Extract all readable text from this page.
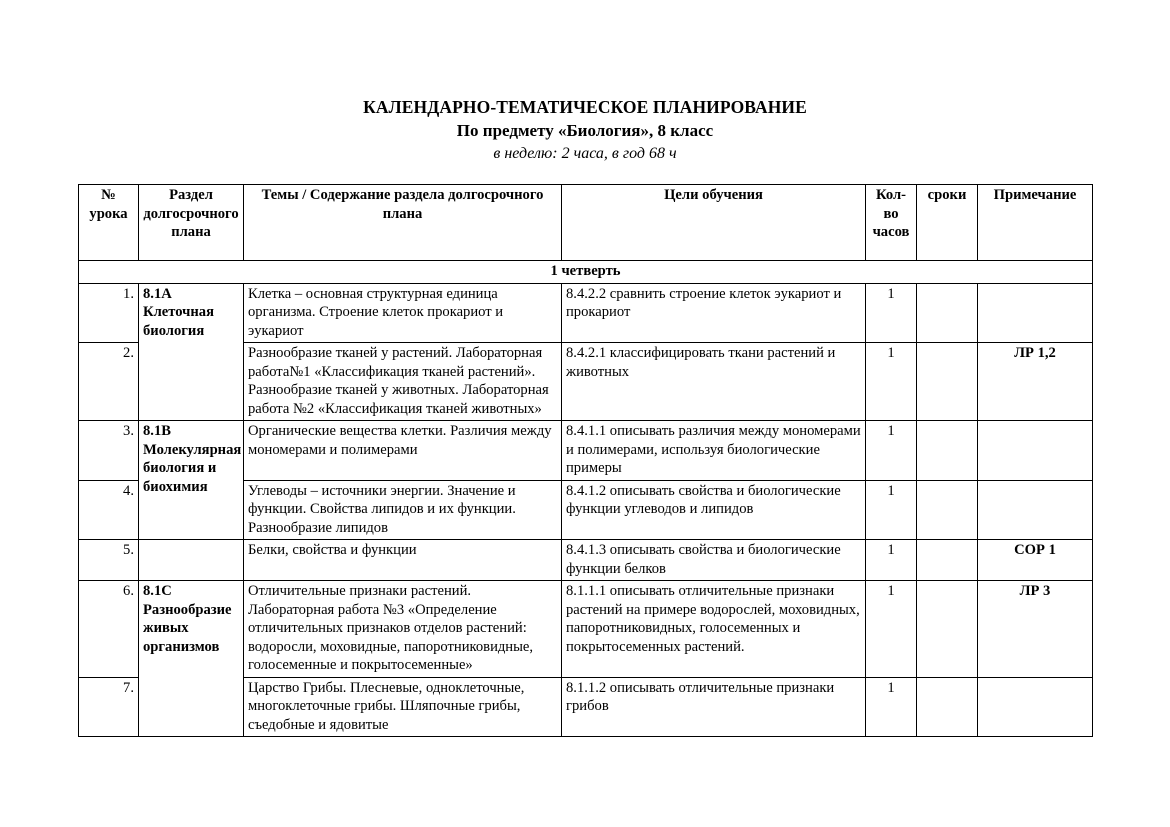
КАЛЕНДАРНО-ТЕМАТИЧЕСКОЕ ПЛАНИРОВАНИЕ
По предмету «Биология», 8 класс
в неделю: 2 часа, в год 68 ч
№ урока	Раздел долгосрочного плана	Темы / Содержание раздела долгосрочного плана	Цели обучения	Кол-во часов	сроки	Примечание
1 четверть						
1.	8.1А Клеточная биология	Клетка – основная структурная единица организма. Строение клеток прокариот и эукариот	8.4.2.2 сравнить строение клеток эукариот и прокариот	1		
2.		Разнообразие тканей у растений. Лабораторная работа№1 «Классификация тканей растений». Разнообразие тканей у животных. Лабораторная работа №2 «Классификация тканей животных»	8.4.2.1 классифицировать ткани растений и животных	1		ЛР 1,2
3.	8.1В Молекулярная биология и биохимия	Органические вещества клетки. Различия между мономерами и полимерами	8.4.1.1 описывать различия между мономерами и полимерами, используя биологические примеры	1		
4.		Углеводы – источники энергии. Значение и функции. Свойства липидов и их функции. Разнообразие липидов	8.4.1.2 описывать свойства и биологические функции углеводов и липидов	1		
5.		Белки, свойства и функции	8.4.1.3 описывать свойства и биологические функции белков	1		СОР 1
6.	8.1С Разнообразие живых организмов	Отличительные признаки растений. Лабораторная работа №3 «Определение отличительных признаков отделов растений: водоросли, моховидные, папоротниковидные, голосеменные и покрытосеменные»	8.1.1.1 описывать отличительные признаки растений на примере водорослей, моховидных, папоротниковидных, голосеменных и покрытосеменных растений.	1		ЛР 3
7.		Царство Грибы. Плесневые, одноклеточные, многоклеточные грибы. Шляпочные грибы, съедобные и ядовитые	8.1.1.2 описывать отличительные признаки грибов	1		
